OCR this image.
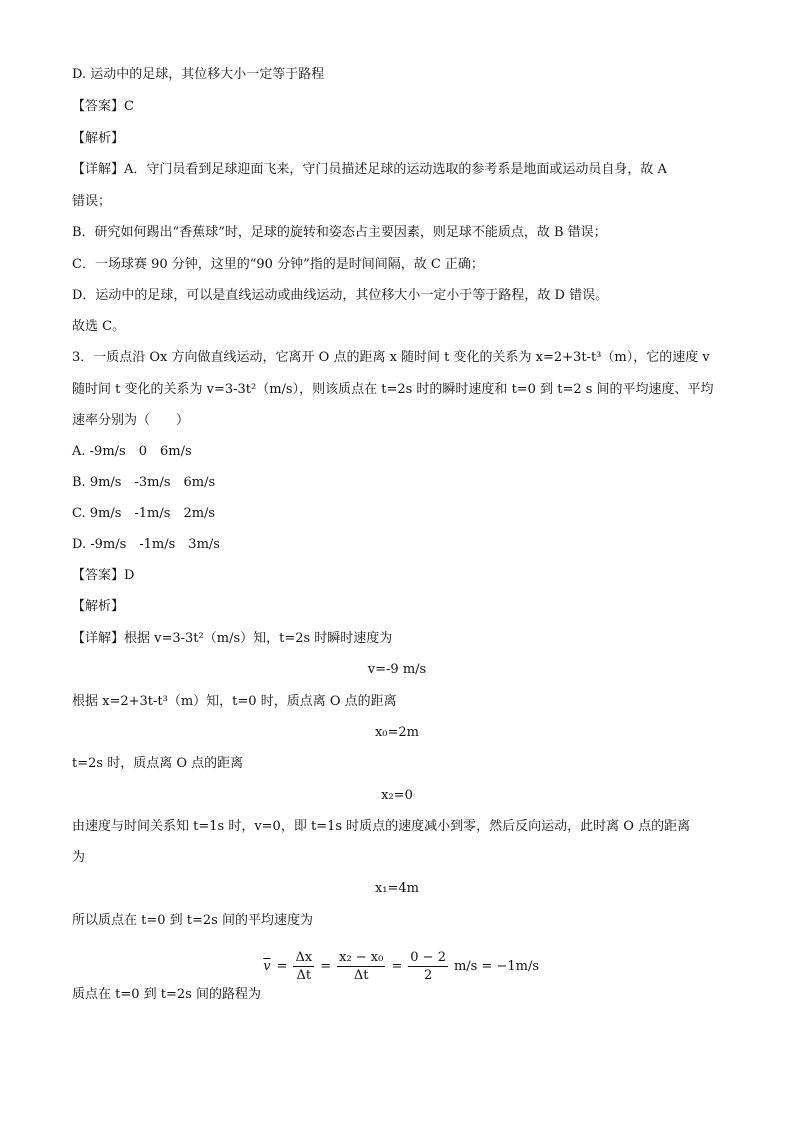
D. 运动中的足球，其位移大小一定等于路程
【答案】C
【解析】
【详解】A．守门员看到足球迎面飞来，守门员描述足球的运动选取的参考系是地面或运动员自身，故 A
错误；
B．研究如何踢出“香蕉球”时，足球的旋转和姿态占主要因素，则足球不能质点，故 B 错误；
C．一场球赛 90 分钟，这里的“90 分钟”指的是时间间隔，故 C 正确；
D．运动中的足球，可以是直线运动或曲线运动，其位移大小一定小于等于路程，故 D 错误。
故选 C。
3．一质点沿 Ox 方向做直线运动，它离开 O 点的距离 x 随时间 t 变化的关系为 x=2+3t-t³（m），它的速度 v
随时间 t 变化的关系为 v=3-3t²（m/s），则该质点在 t=2s 时的瞬时速度和 t=0 到 t=2 s 间的平均速度、平均
速率分别为（　　）
A. -9m/s　0　6m/s
B. 9m/s　-3m/s　6m/s
C. 9m/s　-1m/s　2m/s
D. -9m/s　-1m/s　3m/s
【答案】D
【解析】
【详解】根据 v=3-3t²（m/s）知，t=2s 时瞬时速度为
v=-9 m/s
根据 x=2+3t-t³（m）知，t=0 时，质点离 O 点的距离
x₀=2m
t=2s 时，质点离 O 点的距离
x₂=0
由速度与时间关系知 t=1s 时，v=0，即 t=1s 时质点的速度减小到零，然后反向运动，此时离 O 点的距离
为
x₁=4m
所以质点在 t=0 到 t=2s 间的平均速度为

$\overline{v} = \frac{\Delta x}{\Delta t} = \frac{\text{x₂ − x₀}}{\Delta t} = \frac{0 - 2}{2} m/s = -1m/s$

质点在 t=0 到 t=2s 间的路程为
